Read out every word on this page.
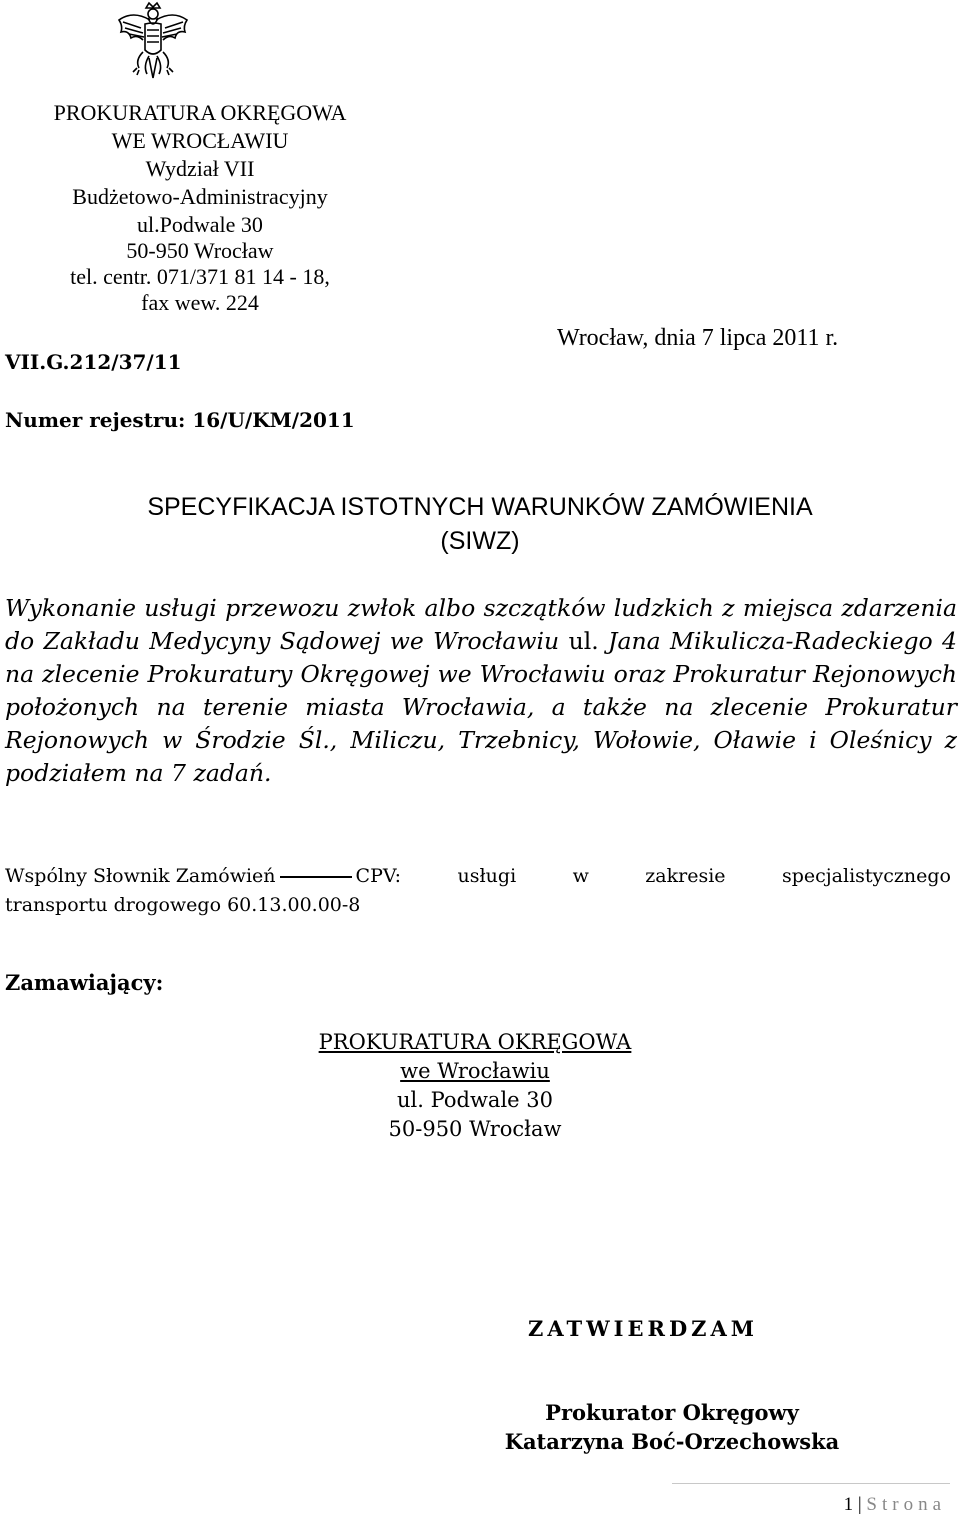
PROKURATURA OKRĘGOWA
WE WROCŁAWIU
Wydział VII
Budżetowo-Administracyjny
ul.Podwale 30
50-950 Wrocław
tel. centr. 071/371 81 14 - 18,
fax wew. 224
Wrocław, dnia 7 lipca 2011 r.
VII.G.212/37/11
Numer rejestru: 16/U/KM/2011
SPECYFIKACJA ISTOTNYCH WARUNKÓW ZAMÓWIENIA
(SIWZ)
Wykonanie usługi przewozu zwłok albo szczątków ludzkich z miejsca zdarzenia do Zakładu Medycyny Sądowej we Wrocławiu ul. Jana Mikulicza-Radeckiego 4 na zlecenie Prokuratury Okręgowej we Wrocławiu oraz Prokuratur Rejonowych położonych na terenie miasta Wrocławia, a także na zlecenie Prokuratur Rejonowych w Środzie Śl., Miliczu, Trzebnicy, Wołowie, Oławie i Oleśnicy z podziałem na 7 zadań.
Wspólny Słownik Zamówień	CPV:	usługi	w	zakresie	specjalistycznego
transportu drogowego 60.13.00.00-8
Zamawiający:
PROKURATURA OKRĘGOWA
we Wrocławiu
ul. Podwale 30
50-950 Wrocław
ZATWIERDZAM
Prokurator Okręgowy
Katarzyna Boć-Orzechowska
1 | Strona
